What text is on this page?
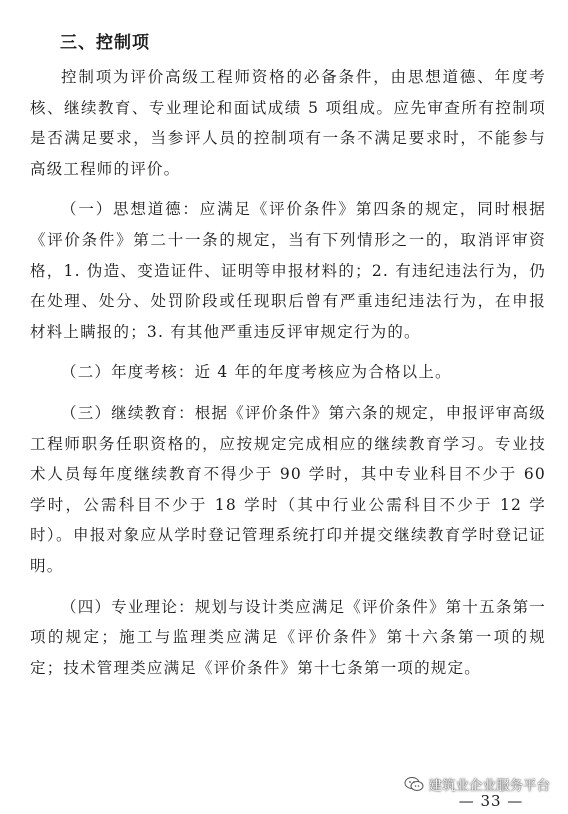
三、控制项

控制项为评价高级工程师资格的必备条件，由思想道德、年度考核、继续教育、专业理论和面试成绩 5 项组成。应先审查所有控制项是否满足要求，当参评人员的控制项有一条不满足要求时，不能参与高级工程师的评价。

（一）思想道德：应满足《评价条件》第四条的规定，同时根据《评价条件》第二十一条的规定，当有下列情形之一的，取消评审资格，1. 伪造、变造证件、证明等申报材料的；2. 有违纪违法行为，仍在处理、处分、处罚阶段或任现职后曾有严重违纪违法行为，在申报材料上瞒报的；3. 有其他严重违反评审规定行为的。

（二）年度考核：近 4 年的年度考核应为合格以上。

（三）继续教育：根据《评价条件》第六条的规定，申报评审高级工程师职务任职资格的，应按规定完成相应的继续教育学习。专业技术人员每年度继续教育不得少于 90 学时，其中专业科目不少于 60 学时，公需科目不少于 18 学时（其中行业公需科目不少于 12 学时）。申报对象应从学时登记管理系统打印并提交继续教育学时登记证明。

（四）专业理论：规划与设计类应满足《评价条件》第十五条第一项的规定；施工与监理类应满足《评价条件》第十六条第一项的规定；技术管理类应满足《评价条件》第十七条第一项的规定。

建筑业企业服务平台
— 33 —
